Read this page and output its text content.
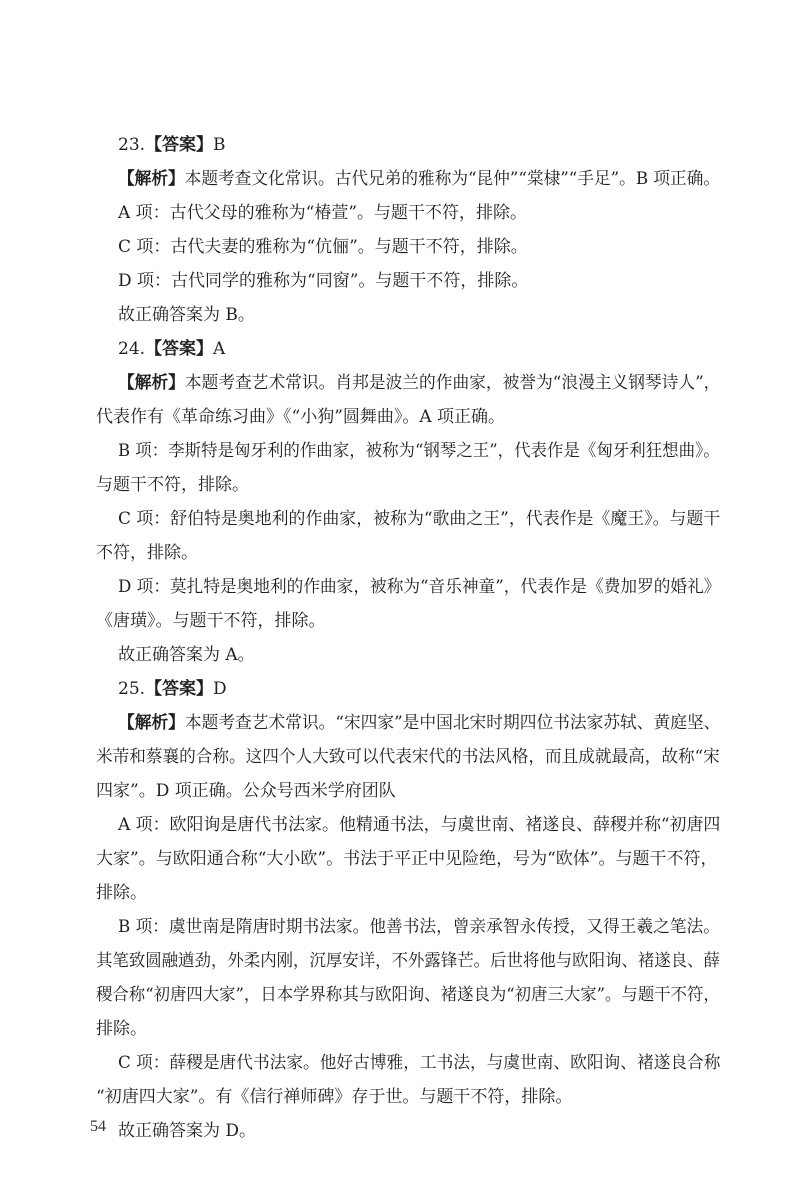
23.【答案】B
【解析】本题考查文化常识。古代兄弟的雅称为“昆仲”“棠棣”“手足”。B 项正确。
A 项：古代父母的雅称为“椿萱”。与题干不符，排除。
C 项：古代夫妻的雅称为“伉俪”。与题干不符，排除。
D 项：古代同学的雅称为“同窗”。与题干不符，排除。
故正确答案为 B。
24.【答案】A
【解析】本题考查艺术常识。肖邦是波兰的作曲家，被誉为“浪漫主义钢琴诗人”，
代表作有《革命练习曲》《“小狗”圆舞曲》。A 项正确。
B 项：李斯特是匈牙利的作曲家，被称为“钢琴之王”，代表作是《匈牙利狂想曲》。
与题干不符，排除。
C 项：舒伯特是奥地利的作曲家，被称为“歌曲之王”，代表作是《魔王》。与题干
不符，排除。
D 项：莫扎特是奥地利的作曲家，被称为“音乐神童”，代表作是《费加罗的婚礼》
《唐璜》。与题干不符，排除。
故正确答案为 A。
25.【答案】D
【解析】本题考查艺术常识。“宋四家”是中国北宋时期四位书法家苏轼、黄庭坚、
米芾和蔡襄的合称。这四个人大致可以代表宋代的书法风格，而且成就最高，故称“宋
四家”。D 项正确。公众号西米学府团队
A 项：欧阳询是唐代书法家。他精通书法，与虞世南、褚遂良、薛稷并称“初唐四
大家”。与欧阳通合称“大小欧”。书法于平正中见险绝，号为“欧体”。与题干不符，
排除。
B 项：虞世南是隋唐时期书法家。他善书法，曾亲承智永传授，又得王羲之笔法。
其笔致圆融遒劲，外柔内刚，沉厚安详，不外露锋芒。后世将他与欧阳询、褚遂良、薛
稷合称“初唐四大家”，日本学界称其与欧阳询、褚遂良为“初唐三大家”。与题干不符，
排除。
C 项：薛稷是唐代书法家。他好古博雅，工书法，与虞世南、欧阳询、褚遂良合称
“初唐四大家”。有《信行禅师碑》存于世。与题干不符，排除。
故正确答案为 D。
54
